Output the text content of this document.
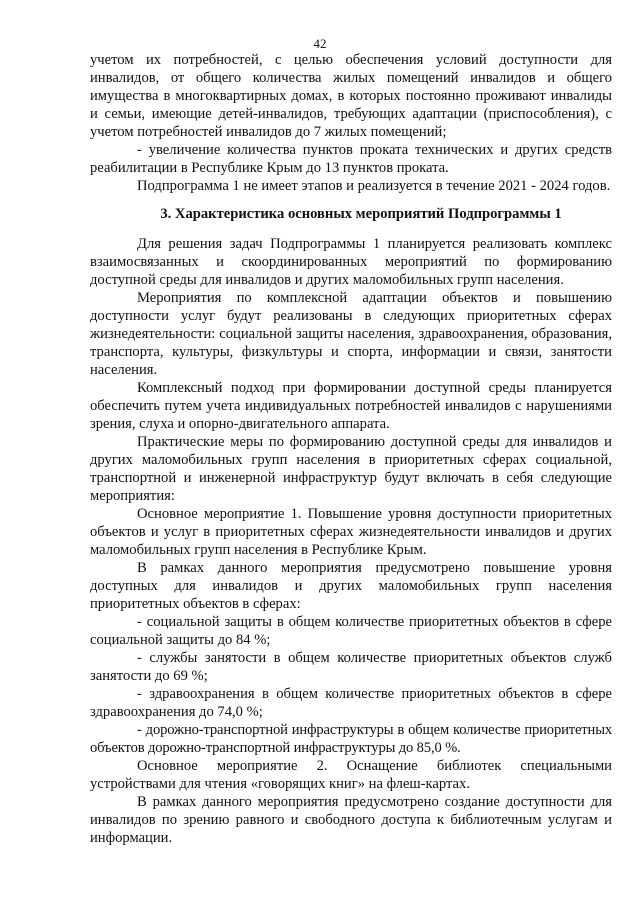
42

учетом их потребностей, с целью обеспечения условий доступности для инвалидов, от общего количества жилых помещений инвалидов и общего имущества в многоквартирных домах, в которых постоянно проживают инвалиды и семьи, имеющие детей-инвалидов, требующих адаптации (приспособления), с учетом потребностей инвалидов до 7 жилых помещений;

- увеличение количества пунктов проката технических и других средств реабилитации в Республике Крым до 13 пунктов проката.

Подпрограмма 1 не имеет этапов и реализуется в течение 2021 - 2024 годов.

3. Характеристика основных мероприятий Подпрограммы 1

Для решения задач Подпрограммы 1 планируется реализовать комплекс взаимосвязанных и скоординированных мероприятий по формированию доступной среды для инвалидов и других маломобильных групп населения.

Мероприятия по комплексной адаптации объектов и повышению доступности услуг будут реализованы в следующих приоритетных сферах жизнедеятельности: социальной защиты населения, здравоохранения, образования, транспорта, культуры, физкультуры и спорта, информации и связи, занятости населения.

Комплексный подход при формировании доступной среды планируется обеспечить путем учета индивидуальных потребностей инвалидов с нарушениями зрения, слуха и опорно-двигательного аппарата.

Практические меры по формированию доступной среды для инвалидов и других маломобильных групп населения в приоритетных сферах социальной, транспортной и инженерной инфраструктур будут включать в себя следующие мероприятия:

Основное мероприятие 1. Повышение уровня доступности приоритетных объектов и услуг в приоритетных сферах жизнедеятельности инвалидов и других маломобильных групп населения в Республике Крым.

В рамках данного мероприятия предусмотрено повышение уровня доступных для инвалидов и других маломобильных групп населения приоритетных объектов в сферах:

- социальной защиты в общем количестве приоритетных объектов в сфере социальной защиты до 84 %;

- службы занятости в общем количестве приоритетных объектов служб занятости до 69 %;

- здравоохранения в общем количестве приоритетных объектов в сфере здравоохранения до 74,0 %;

- дорожно-транспортной инфраструктуры в общем количестве приоритетных объектов дорожно-транспортной инфраструктуры до 85,0 %.

Основное мероприятие 2. Оснащение библиотек специальными устройствами для чтения «говорящих книг» на флеш-картах.

В рамках данного мероприятия предусмотрено создание доступности для инвалидов по зрению равного и свободного доступа к библиотечным услугам и информации.
